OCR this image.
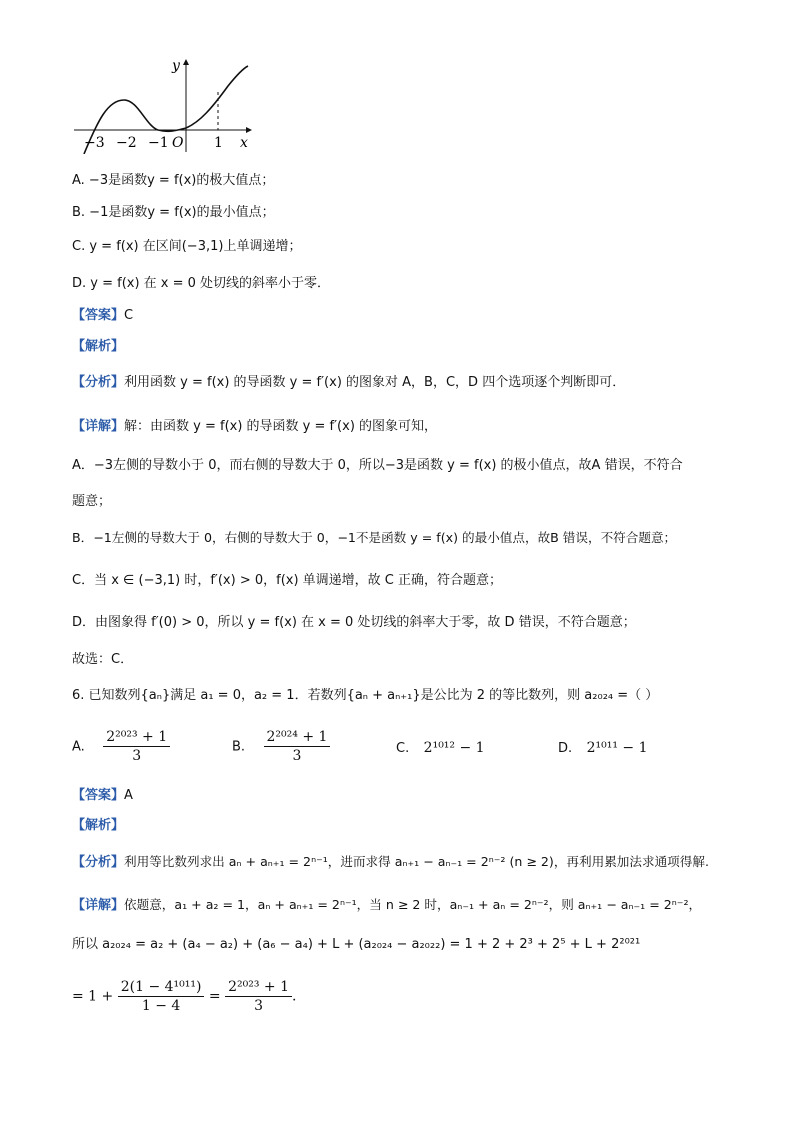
y
x
O
−3 −2 −1	1
A. −3是函数y = f(x)的极大值点；
B. −1是函数y = f(x)的最小值点；
C. y = f(x) 在区间(−3,1)上单调递增；
D. y = f(x) 在 x = 0 处切线的斜率小于零．
【答案】C
【解析】
【分析】利用函数 y = f(x) 的导函数 y = f′(x) 的图象对 A，B，C，D 四个选项逐个判断即可．
【详解】解：由函数 y = f(x) 的导函数 y = f′(x) 的图象可知，
A．−3左侧的导数小于 0，而右侧的导数大于 0，所以−3是函数 y = f(x) 的极小值点，故A 错误，不符合
题意；
B．−1左侧的导数大于 0，右侧的导数大于 0，−1不是函数 y = f(x) 的最小值点，故B 错误，不符合题意；
C．当 x ∈ (−3,1) 时，f′(x) > 0，f(x) 单调递增，故 C 正确，符合题意；
D．由图象得 f′(0) > 0，所以 y = f(x) 在 x = 0 处切线的斜率大于零，故 D 错误，不符合题意；
故选：C．
6. 已知数列{aₙ}满足 a₁ = 0，a₂ = 1．若数列{aₙ + aₙ₊₁}是公比为 2 的等比数列，则 a₂₀₂₄ =（ ）
A. $\frac{\text{2²⁰²³ + 1}}{3}$	B. $\frac{\text{2²⁰²⁴ + 1}}{3}$	C. 2¹⁰¹² − 1	D. 2¹⁰¹¹ − 1
【答案】A
【解析】
【分析】利用等比数列求出 aₙ + aₙ₊₁ = 2ⁿ⁻¹，进而求得 aₙ₊₁ − aₙ₋₁ = 2ⁿ⁻² (n ≥ 2)，再利用累加法求通项得解.
【详解】依题意，a₁ + a₂ = 1，aₙ + aₙ₊₁ = 2ⁿ⁻¹，当 n ≥ 2 时，aₙ₋₁ + aₙ = 2ⁿ⁻²，则 aₙ₊₁ − aₙ₋₁ = 2ⁿ⁻²，
所以 a₂₀₂₄ = a₂ + (a₄ − a₂) + (a₆ − a₄) + L + (a₂₀₂₄ − a₂₀₂₂) = 1 + 2 + 2³ + 2⁵ + L + 2²⁰²¹
= $1 + \frac{\text{2(1 − 4¹⁰¹¹)}}{1 - 4} = \frac{\text{2²⁰²³ + 1}}{3}$ .
